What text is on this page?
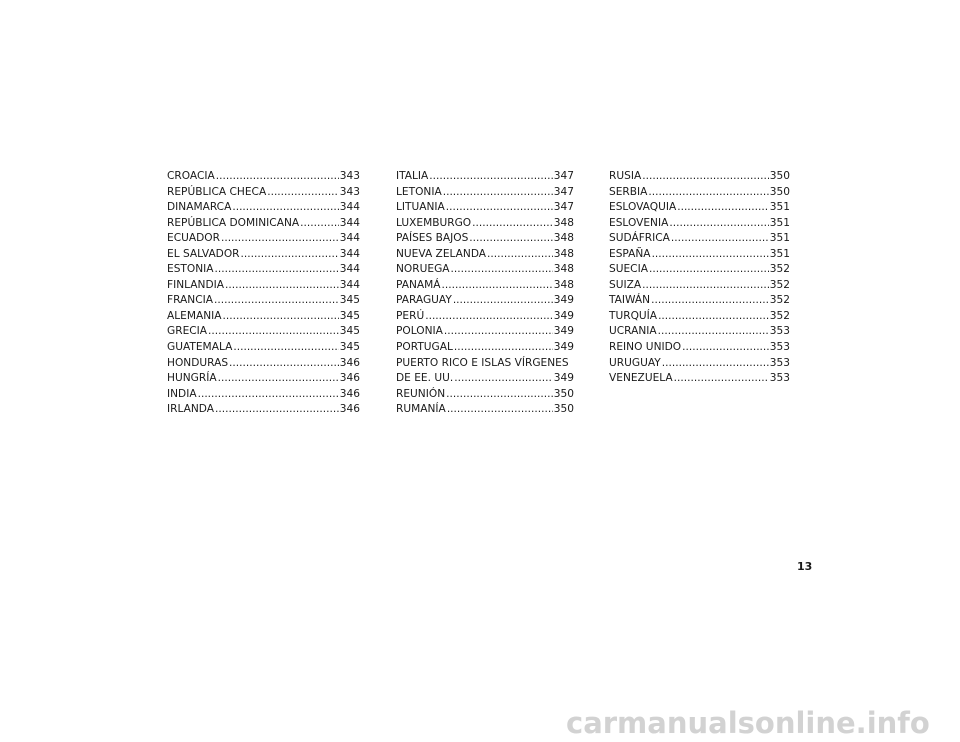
CROACIA .....	343
REPÚBLICA CHECA .....	343
DINAMARCA .....	344
REPÚBLICA DOMINICANA .....	344
ECUADOR .....	344
EL SALVADOR .....	344
ESTONIA .....	344
FINLANDIA .....	344
FRANCIA .....	345
ALEMANIA .....	345
GRECIA .....	345
GUATEMALA .....	345
HONDURAS .....	346
HUNGRÍA .....	346
INDIA .....	346
IRLANDA .....	346
ITALIA .....	347
LETONIA .....	347
LITUANIA .....	347
LUXEMBURGO .....	348
PAÍSES BAJOS .....	348
NUEVA ZELANDA .....	348
NORUEGA .....	348
PANAMÁ .....	348
PARAGUAY .....	349
PERÚ .....	349
POLONIA .....	349
PORTUGAL .....	349
PUERTO RICO E ISLAS VÍRGENES
DE EE. UU. .....	349
REUNIÓN .....	350
RUMANÍA .....	350
RUSIA .....	350
SERBIA .....	350
ESLOVAQUIA .....	351
ESLOVENIA .....	351
SUDÁFRICA .....	351
ESPAÑA .....	351
SUECIA .....	352
SUIZA .....	352
TAIWÁN .....	352
TURQUÍA .....	352
UCRANIA .....	353
REINO UNIDO .....	353
URUGUAY .....	353
VENEZUELA .....	353
13
carmanualsonline.info
